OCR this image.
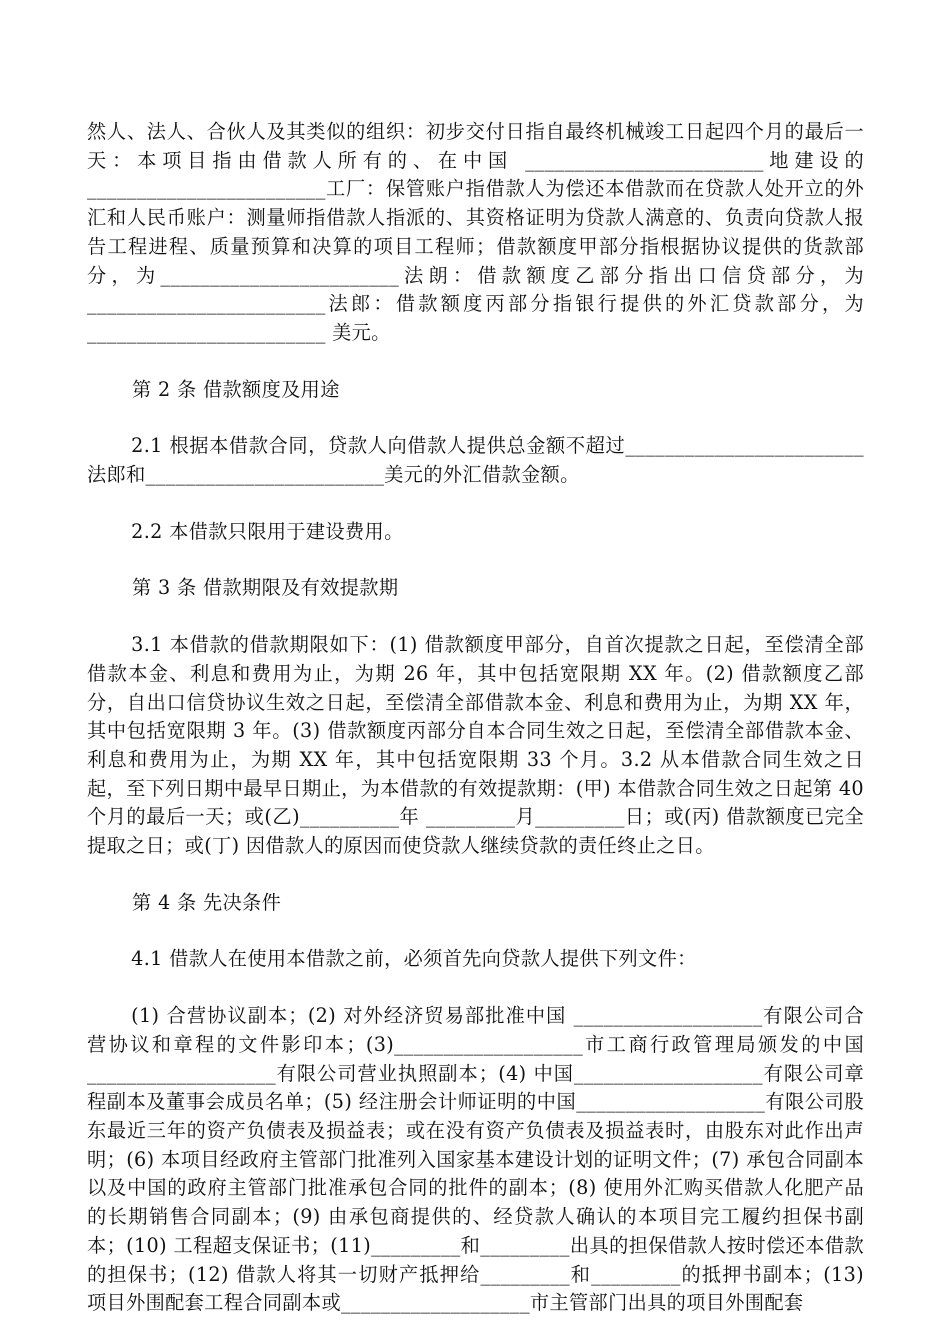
然人、法人、合伙人及其类似的组织：初步交付日指自最终机械竣工日起四个月的最后一天：本项目指由借款人所有的、在中国 ________________________地建设的________________________工厂：保管账户指借款人为偿还本借款而在贷款人处开立的外汇和人民币账户：测量师指借款人指派的、其资格证明为贷款人满意的、负责向贷款人报告工程进程、质量预算和决算的项目工程师；借款额度甲部分指根据协议提供的货款部分，为________________________法朗：借款额度乙部分指出口信贷部分，为 ________________________法郎：借款额度丙部分指银行提供的外汇贷款部分，为________________________ 美元。

第 2 条 借款额度及用途

2.1 根据本借款合同，贷款人向借款人提供总金额不超过________________________法郎和________________________美元的外汇借款金额。

2.2 本借款只限用于建设费用。

第 3 条 借款期限及有效提款期

3.1 本借款的借款期限如下：(1) 借款额度甲部分，自首次提款之日起，至偿清全部借款本金、利息和费用为止，为期 26 年，其中包括宽限期 XX 年。(2) 借款额度乙部分，自出口信贷协议生效之日起，至偿清全部借款本金、利息和费用为止，为期 XX 年，其中包括宽限期 3 年。(3) 借款额度丙部分自本合同生效之日起，至偿清全部借款本金、利息和费用为止，为期 XX 年，其中包括宽限期 33 个月。3.2 从本借款合同生效之日起，至下列日期中最早日期止，为本借款的有效提款期：(甲) 本借款合同生效之日起第 40 个月的最后一天；或(乙)__________年 _________月_________日；或(丙) 借款额度已完全提取之日；或(丁) 因借款人的原因而使贷款人继续贷款的责任终止之日。

第 4 条 先决条件

4.1 借款人在使用本借款之前，必须首先向贷款人提供下列文件：

(1) 合营协议副本；(2) 对外经济贸易部批准中国 ___________________有限公司合营协议和章程的文件影印本；(3)___________________市工商行政管理局颁发的中国___________________有限公司营业执照副本；(4) 中国___________________有限公司章程副本及董事会成员名单；(5) 经注册会计师证明的中国___________________有限公司股东最近三年的资产负债表及损益表；或在没有资产负债表及损益表时，由股东对此作出声明；(6) 本项目经政府主管部门批准列入国家基本建设计划的证明文件；(7) 承包合同副本以及中国的政府主管部门批准承包合同的批件的副本；(8) 使用外汇购买借款人化肥产品的长期销售合同副本；(9) 由承包商提供的、经贷款人确认的本项目完工履约担保书副本；(10) 工程超支保证书；(11)_________和_________出具的担保借款人按时偿还本借款的担保书；(12) 借款人将其一切财产抵押给_________和_________的抵押书副本；(13) 项目外围配套工程合同副本或___________________市主管部门出具的项目外围配套
